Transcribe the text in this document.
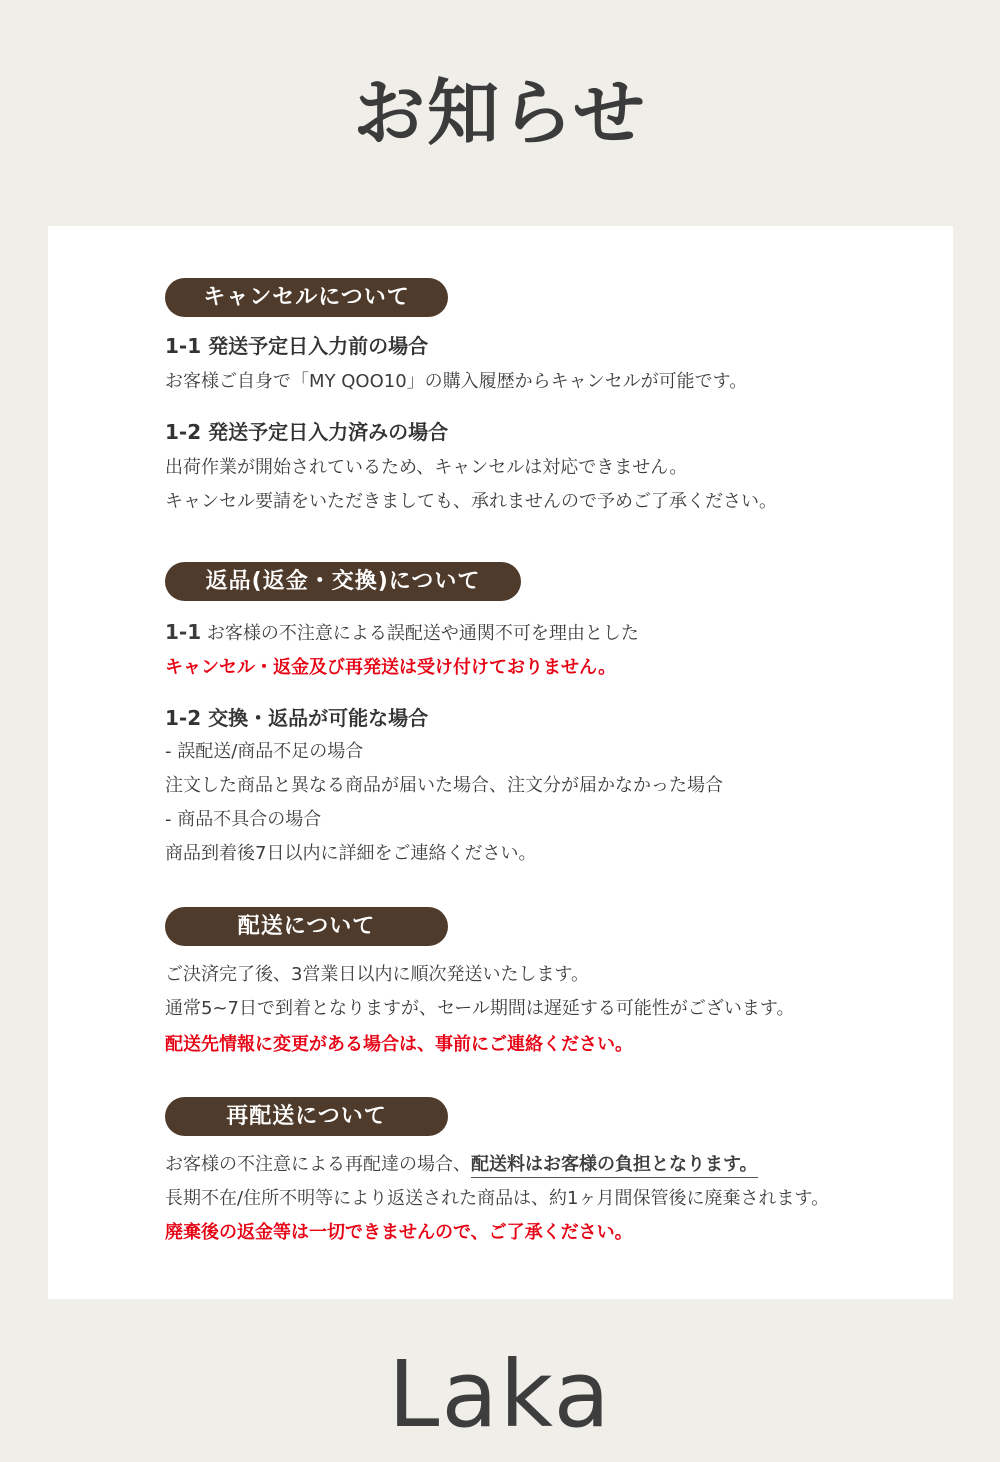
お知らせ
キャンセルについて
1-1 発送予定日入力前の場合
お客様ご自身で「MY QOO10」の購入履歴からキャンセルが可能です。
1-2 発送予定日入力済みの場合
出荷作業が開始されているため、キャンセルは対応できません。
キャンセル要請をいただきましても、承れませんので予めご了承ください。
返品(返金・交換)について
1-1 お客様の不注意による誤配送や通関不可を理由とした
キャンセル・返金及び再発送は受け付けておりません。
1-2 交換・返品が可能な場合
- 誤配送/商品不足の場合
注文した商品と異なる商品が届いた場合、注文分が届かなかった場合
- 商品不具合の場合
商品到着後7日以内に詳細をご連絡ください。
配送について
ご決済完了後、3営業日以内に順次発送いたします。
通常5~7日で到着となりますが、セール期間は遅延する可能性がございます。
配送先情報に変更がある場合は、事前にご連絡ください。
再配送について
お客様の不注意による再配達の場合、配送料はお客様の負担となります。
長期不在/住所不明等により返送された商品は、約1ヶ月間保管後に廃棄されます。
廃棄後の返金等は一切できませんので、ご了承ください。
Laka
